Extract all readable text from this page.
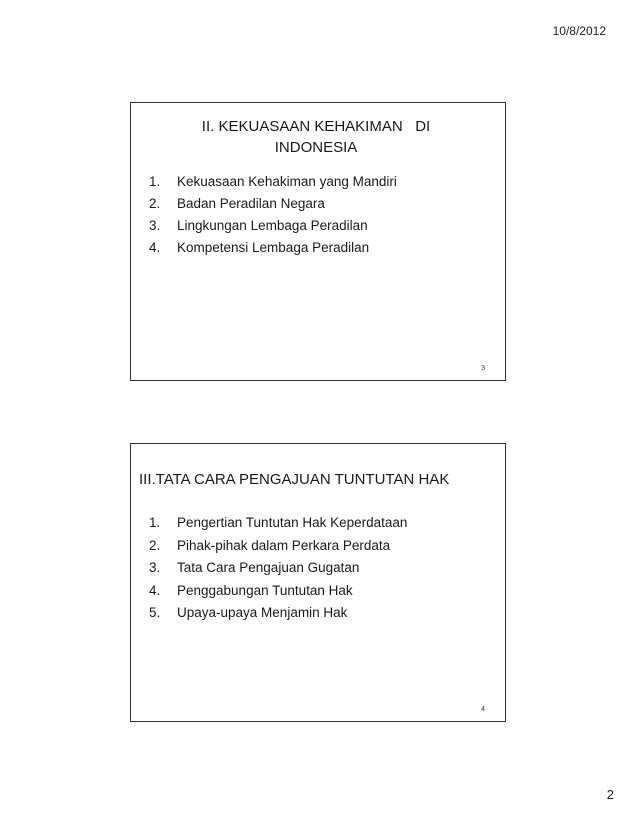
10/8/2012
II. KEKUASAAN KEHAKIMAN   DI
INDONESIA
1.	Kekuasaan Kehakiman yang Mandiri
2.	Badan Peradilan Negara
3.	Lingkungan Lembaga Peradilan
4.	Kompetensi Lembaga Peradilan
3
III.TATA CARA PENGAJUAN TUNTUTAN HAK
1.	Pengertian Tuntutan Hak Keperdataan
2.	Pihak-pihak dalam Perkara Perdata
3.	Tata Cara Pengajuan Gugatan
4.	Penggabungan Tuntutan Hak
5.	Upaya-upaya Menjamin Hak
4
2
